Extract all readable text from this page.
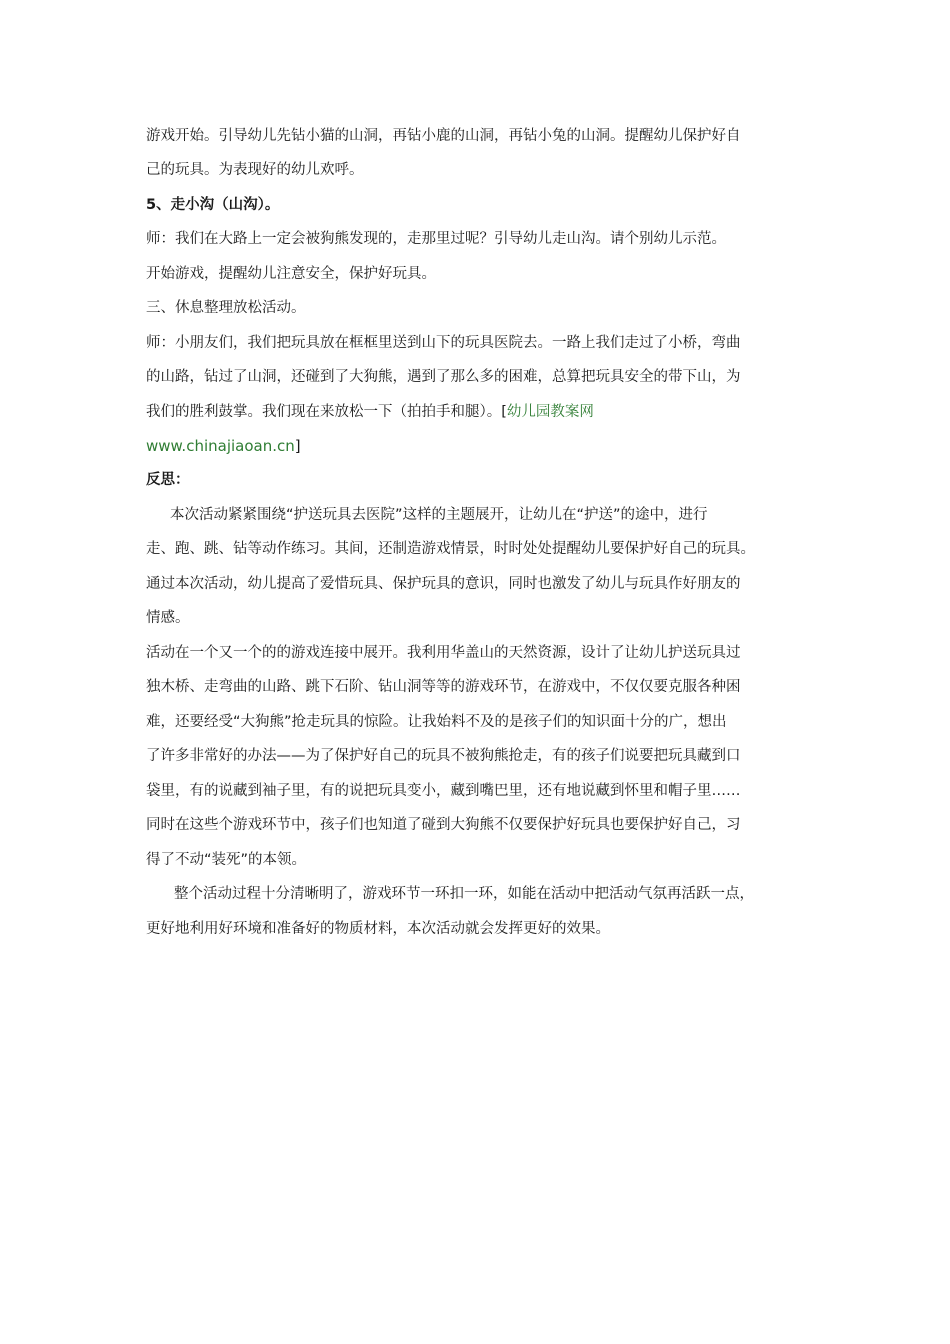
游戏开始。引导幼儿先钻小猫的山洞，再钻小鹿的山洞，再钻小兔的山洞。提醒幼儿保护好自
己的玩具。为表现好的幼儿欢呼。
5、走小沟（山沟）。
师：我们在大路上一定会被狗熊发现的，走那里过呢？引导幼儿走山沟。请个别幼儿示范。
开始游戏，提醒幼儿注意安全，保护好玩具。
三、休息整理放松活动。
师：小朋友们，我们把玩具放在框框里送到山下的玩具医院去。一路上我们走过了小桥，弯曲
的山路，钻过了山洞，还碰到了大狗熊，遇到了那么多的困难，总算把玩具安全的带下山，为
我们的胜利鼓掌。我们现在来放松一下（拍拍手和腿）。[幼儿园教案网
www.chinajiaoan.cn]
反思：
本次活动紧紧围绕“护送玩具去医院”这样的主题展开，让幼儿在“护送”的途中，进行
走、跑、跳、钻等动作练习。其间，还制造游戏情景，时时处处提醒幼儿要保护好自己的玩具。
通过本次活动，幼儿提高了爱惜玩具、保护玩具的意识，同时也激发了幼儿与玩具作好朋友的
情感。
活动在一个又一个的的游戏连接中展开。我利用华盖山的天然资源，设计了让幼儿护送玩具过
独木桥、走弯曲的山路、跳下石阶、钻山洞等等的游戏环节，在游戏中，不仅仅要克服各种困
难，还要经受“大狗熊”抢走玩具的惊险。让我始料不及的是孩子们的知识面十分的广，想出
了许多非常好的办法——为了保护好自己的玩具不被狗熊抢走，有的孩子们说要把玩具藏到口
袋里，有的说藏到袖子里，有的说把玩具变小，藏到嘴巴里，还有地说藏到怀里和帽子里……
同时在这些个游戏环节中，孩子们也知道了碰到大狗熊不仅要保护好玩具也要保护好自己，习
得了不动“装死”的本领。
整个活动过程十分清晰明了，游戏环节一环扣一环，如能在活动中把活动气氛再活跃一点，
更好地利用好环境和准备好的物质材料，本次活动就会发挥更好的效果。
